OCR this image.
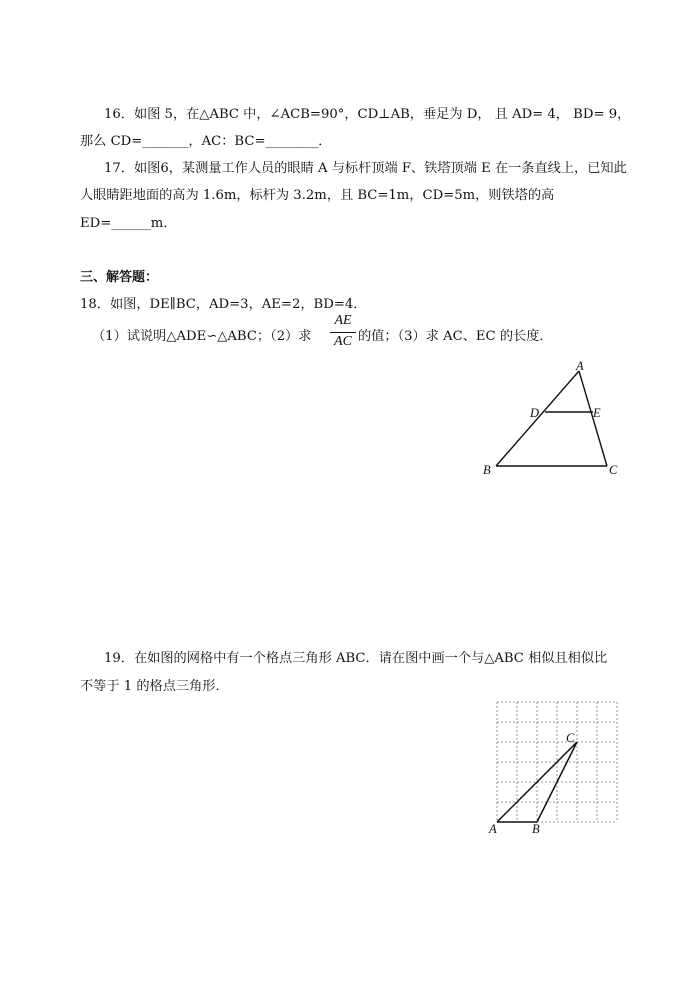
16．如图 5，在△ABC 中，∠ACB=90°，CD⊥AB，垂足为 D， 且 AD= 4， BD= 9，
那么 CD=_______，AC：BC=________．
17．如图6，某测量工作人员的眼睛 A 与标杆顶端 F、铁塔顶端 E 在一条直线上，已知此
人眼睛距地面的高为 1.6m，标杆为 3.2m，且 BC=1m，CD=5m，则铁塔的高
ED=______m．
三、解答题：
18．如图，DE∥BC，AD=3，AE=2，BD=4．
（1）试说明△ADE∽△ABC；（2）求
AE
AC 的值；（3）求 AC、EC 的长度．
A
D	E
B	C
19．在如图的网格中有一个格点三角形 ABC．请在图中画一个与△ABC 相似且相似比
不等于 1 的格点三角形．
A	B
C
